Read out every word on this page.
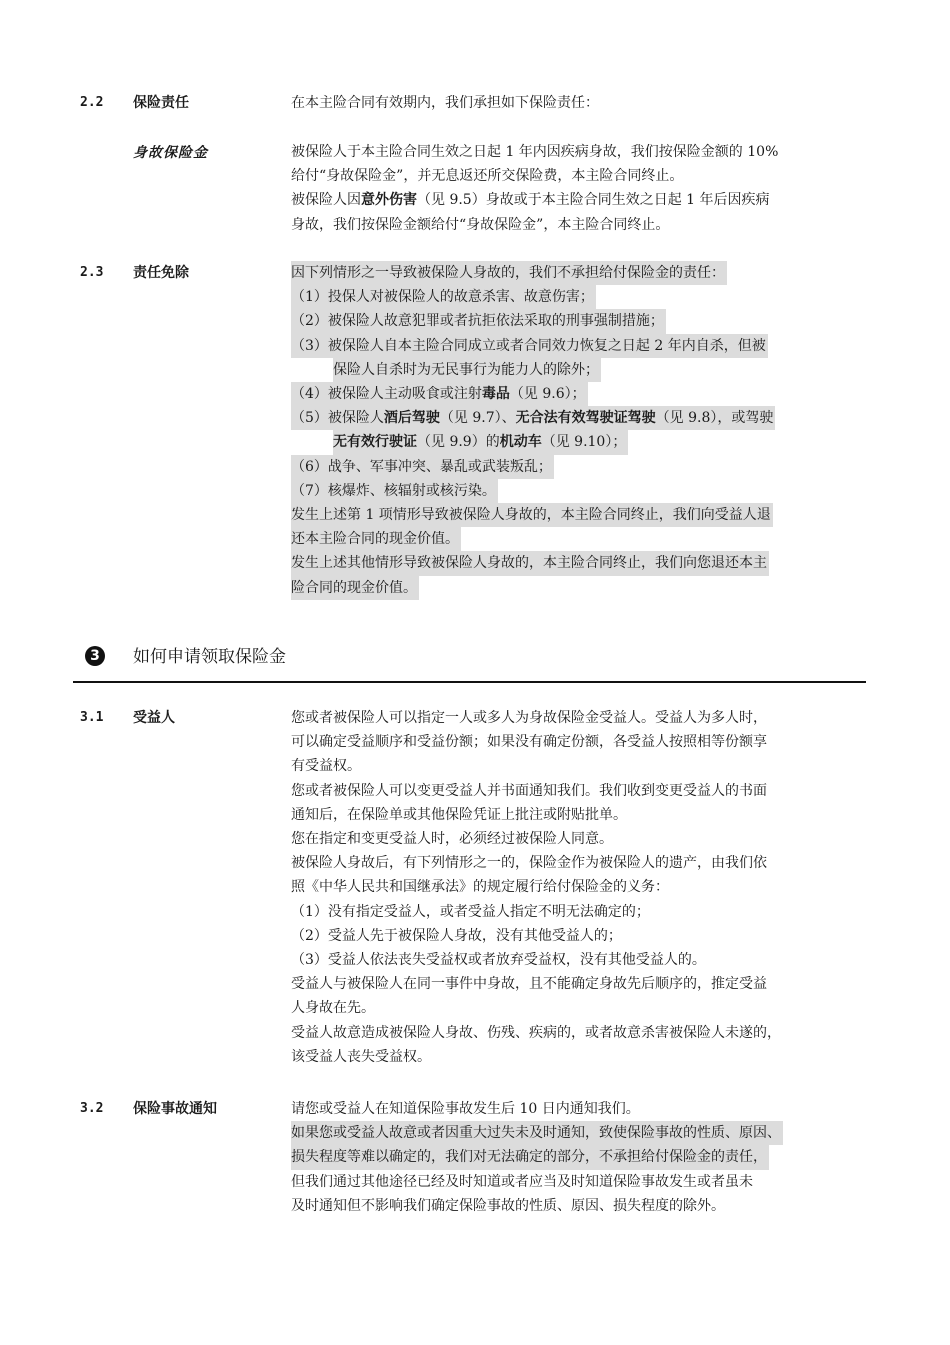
2.2	保险责任	在本主险合同有效期内，我们承担如下保险责任：
身故保险金	被保险人于本主险合同生效之日起 1 年内因疾病身故，我们按保险金额的 10%
给付“身故保险金”，并无息返还所交保险费，本主险合同终止。
被保险人因意外伤害（见 9.5）身故或于本主险合同生效之日起 1 年后因疾病
身故，我们按保险金额给付“身故保险金”，本主险合同终止。
2.3	责任免除	因下列情形之一导致被保险人身故的，我们不承担给付保险金的责任：
（1）投保人对被保险人的故意杀害、故意伤害；
（2）被保险人故意犯罪或者抗拒依法采取的刑事强制措施；
（3）被保险人自本主险合同成立或者合同效力恢复之日起 2 年内自杀，但被
保险人自杀时为无民事行为能力人的除外；
（4）被保险人主动吸食或注射毒品（见 9.6）；
（5）被保险人酒后驾驶（见 9.7）、无合法有效驾驶证驾驶（见 9.8），或驾驶
无有效行驶证（见 9.9）的机动车（见 9.10）；
（6）战争、军事冲突、暴乱或武装叛乱；
（7）核爆炸、核辐射或核污染。
发生上述第 1 项情形导致被保险人身故的，本主险合同终止，我们向受益人退
还本主险合同的现金价值。
发生上述其他情形导致被保险人身故的，本主险合同终止，我们向您退还本主
险合同的现金价值。
3	如何申请领取保险金
3.1	受益人	您或者被保险人可以指定一人或多人为身故保险金受益人。受益人为多人时，
可以确定受益顺序和受益份额；如果没有确定份额，各受益人按照相等份额享
有受益权。
您或者被保险人可以变更受益人并书面通知我们。我们收到变更受益人的书面
通知后，在保险单或其他保险凭证上批注或附贴批单。
您在指定和变更受益人时，必须经过被保险人同意。
被保险人身故后，有下列情形之一的，保险金作为被保险人的遗产，由我们依
照《中华人民共和国继承法》的规定履行给付保险金的义务：
（1）没有指定受益人，或者受益人指定不明无法确定的；
（2）受益人先于被保险人身故，没有其他受益人的；
（3）受益人依法丧失受益权或者放弃受益权，没有其他受益人的。
受益人与被保险人在同一事件中身故，且不能确定身故先后顺序的，推定受益
人身故在先。
受益人故意造成被保险人身故、伤残、疾病的，或者故意杀害被保险人未遂的，
该受益人丧失受益权。
3.2	保险事故通知	请您或受益人在知道保险事故发生后 10 日内通知我们。
如果您或受益人故意或者因重大过失未及时通知，致使保险事故的性质、原因、
损失程度等难以确定的，我们对无法确定的部分，不承担给付保险金的责任，
但我们通过其他途径已经及时知道或者应当及时知道保险事故发生或者虽未
及时通知但不影响我们确定保险事故的性质、原因、损失程度的除外。
